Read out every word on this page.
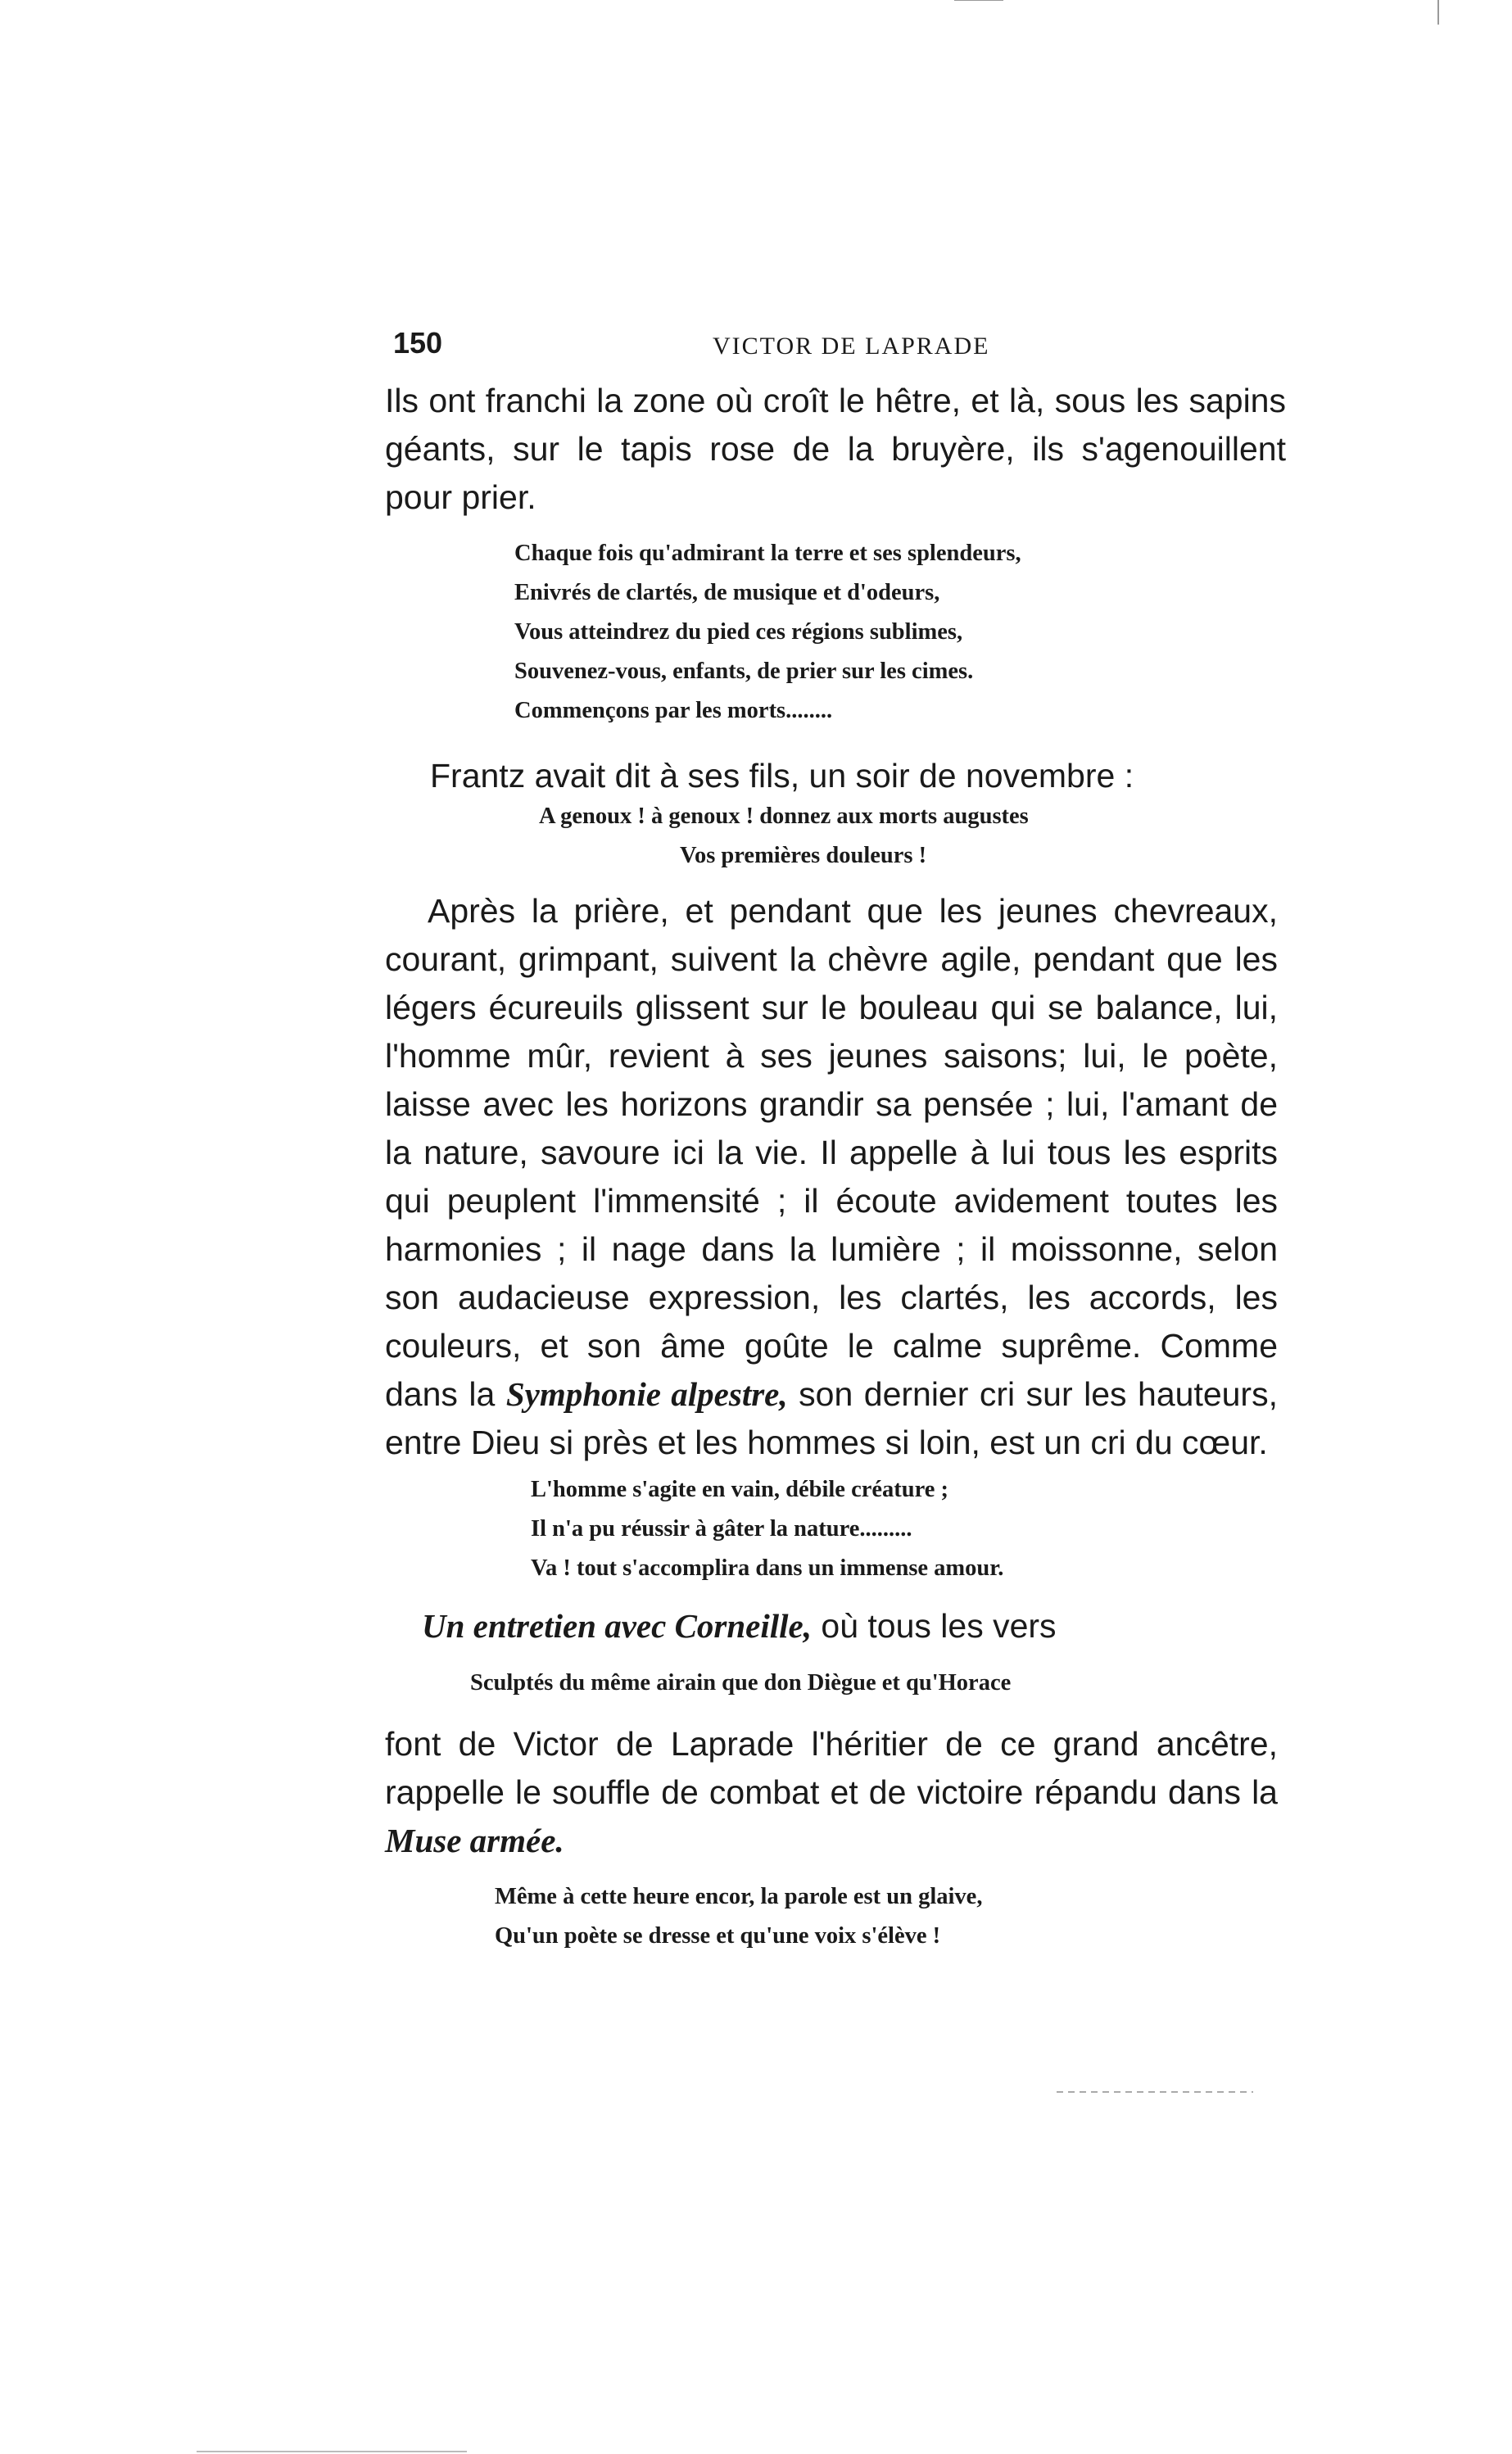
150	VICTOR DE LAPRADE

Ils ont franchi la zone où croît le hêtre, et là, sous les sapins géants, sur le tapis rose de la bruyère, ils s'agenouillent pour prier.

Chaque fois qu'admirant la terre et ses splendeurs,
Enivrés de clartés, de musique et d'odeurs,
Vous atteindrez du pied ces régions sublimes,
Souvenez-vous, enfants, de prier sur les cimes.
Commençons par les morts........

Frantz avait dit à ses fils, un soir de novembre :

A genoux ! à genoux ! donnez aux morts augustes
Vos premières douleurs !

Après la prière, et pendant que les jeunes chevreaux, courant, grimpant, suivent la chèvre agile, pendant que les légers écureuils glissent sur le bouleau qui se balance, lui, l'homme mûr, revient à ses jeunes saisons; lui, le poète, laisse avec les horizons grandir sa pensée ; lui, l'amant de la nature, savoure ici la vie. Il appelle à lui tous les esprits qui peuplent l'immensité ; il écoute avidement toutes les harmonies ; il nage dans la lumière ; il moissonne, selon son audacieuse expression, les clartés, les accords, les couleurs, et son âme goûte le calme suprême. Comme dans la Symphonie alpestre, son dernier cri sur les hauteurs, entre Dieu si près et les hommes si loin, est un cri du cœur.

L'homme s'agite en vain, débile créature ;
Il n'a pu réussir à gâter la nature.........
Va ! tout s'accomplira dans un immense amour.

Un entretien avec Corneille, où tous les vers

Sculptés du même airain que don Diègue et qu'Horace

font de Victor de Laprade l'héritier de ce grand ancêtre, rappelle le souffle de combat et de victoire répandu dans la Muse armée.

Même à cette heure encor, la parole est un glaive,
Qu'un poète se dresse et qu'une voix s'élève !
